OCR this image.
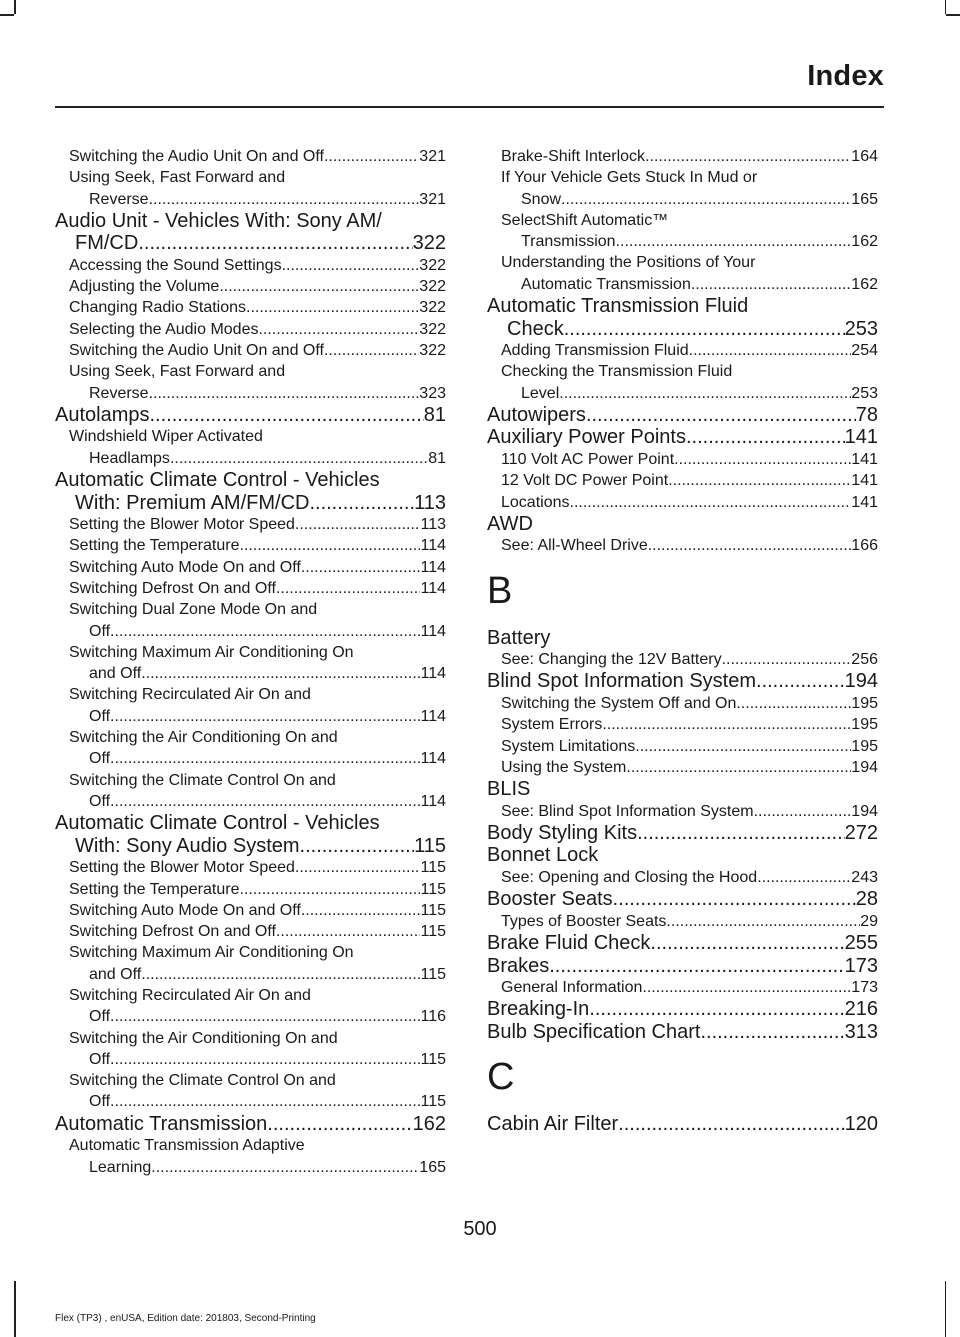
Index
Switching the Audio Unit On and Off .....	321
Using Seek, Fast Forward and
Reverse .....	321
Audio Unit - Vehicles With: Sony AM/
FM/CD .....	322
Accessing the Sound Settings .....	322
Adjusting the Volume .....	322
Changing Radio Stations .....	322
Selecting the Audio Modes .....	322
Switching the Audio Unit On and Off .....	322
Using Seek, Fast Forward and
Reverse .....	323
Autolamps .....	81
Windshield Wiper Activated
Headlamps .....	81
Automatic Climate Control - Vehicles
With: Premium AM/FM/CD .....	113
Setting the Blower Motor Speed .....	113
Setting the Temperature .....	114
Switching Auto Mode On and Off .....	114
Switching Defrost On and Off .....	114
Switching Dual Zone Mode On and
Off .....	114
Switching Maximum Air Conditioning On
and Off .....	114
Switching Recirculated Air On and
Off .....	114
Switching the Air Conditioning On and
Off .....	114
Switching the Climate Control On and
Off .....	114
Automatic Climate Control - Vehicles
With: Sony Audio System .....	115
Setting the Blower Motor Speed .....	115
Setting the Temperature .....	115
Switching Auto Mode On and Off .....	115
Switching Defrost On and Off .....	115
Switching Maximum Air Conditioning On
and Off .....	115
Switching Recirculated Air On and
Off .....	116
Switching the Air Conditioning On and
Off .....	115
Switching the Climate Control On and
Off .....	115
Automatic Transmission .....	162
Automatic Transmission Adaptive
Learning .....	165
Brake-Shift Interlock .....	164
If Your Vehicle Gets Stuck In Mud or
Snow .....	165
SelectShift Automatic™
Transmission .....	162
Understanding the Positions of Your
Automatic Transmission .....	162
Automatic Transmission Fluid
Check .....	253
Adding Transmission Fluid .....	254
Checking the Transmission Fluid
Level .....	253
Autowipers .....	78
Auxiliary Power Points .....	141
110 Volt AC Power Point .....	141
12 Volt DC Power Point .....	141
Locations .....	141
AWD
See: All-Wheel Drive .....	166
B
Battery
See: Changing the 12V Battery .....	256
Blind Spot Information System .....	194
Switching the System Off and On .....	195
System Errors .....	195
System Limitations .....	195
Using the System .....	194
BLIS
See: Blind Spot Information System .....	194
Body Styling Kits .....	272
Bonnet Lock
See: Opening and Closing the Hood .....	243
Booster Seats .....	28
Types of Booster Seats .....	29
Brake Fluid Check .....	255
Brakes .....	173
General Information .....	173
Breaking-In .....	216
Bulb Specification Chart .....	313
C
Cabin Air Filter .....	120
500
Flex (TP3) , enUSA, Edition date: 201803, Second-Printing
